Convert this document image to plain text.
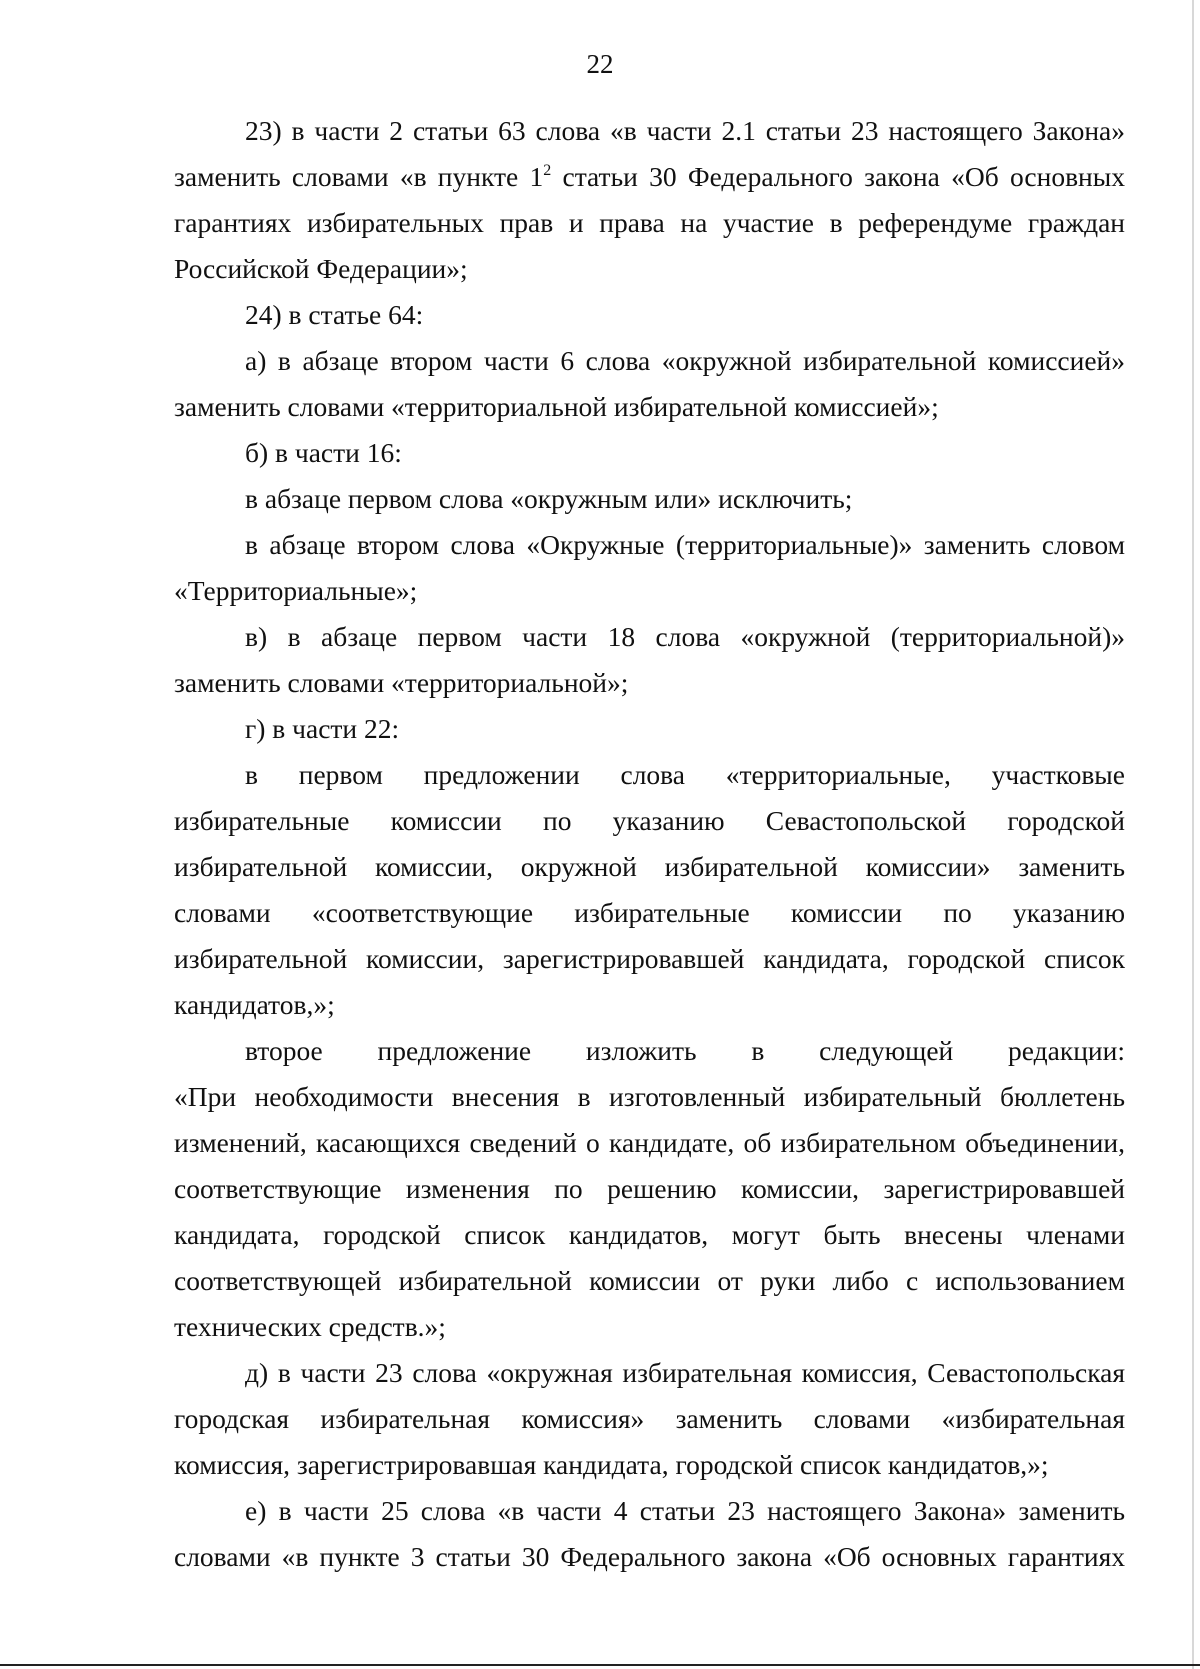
22
23) в части 2 статьи 63 слова «в части 2.1 статьи 23 настоящего Закона»
заменить словами «в пункте $1^2$ статьи 30 Федерального закона «Об основных
гарантиях избирательных прав и права на участие в референдуме граждан
Российской Федерации»;
24) в статье 64:
а) в абзаце втором части 6 слова «окружной избирательной комиссией»
заменить словами «территориальной избирательной комиссией»;
б) в части 16:
в абзаце первом слова «окружным или» исключить;
в абзаце втором слова «Окружные (территориальные)» заменить словом
«Территориальные»;
в) в абзаце первом части 18 слова «окружной (территориальной)»
заменить словами «территориальной»;
г) в части 22:
в первом предложении слова «территориальные, участковые
избирательные комиссии по указанию Севастопольской городской
избирательной комиссии, окружной избирательной комиссии» заменить
словами «соответствующие избирательные комиссии по указанию
избирательной комиссии, зарегистрировавшей кандидата, городской список
кандидатов,»;
второе предложение изложить в следующей редакции:
«При необходимости внесения в изготовленный избирательный бюллетень
изменений, касающихся сведений о кандидате, об избирательном объединении,
соответствующие изменения по решению комиссии, зарегистрировавшей
кандидата, городской список кандидатов, могут быть внесены членами
соответствующей избирательной комиссии от руки либо с использованием
технических средств.»;
д) в части 23 слова «окружная избирательная комиссия, Севастопольская
городская избирательная комиссия» заменить словами «избирательная
комиссия, зарегистрировавшая кандидата, городской список кандидатов,»;
е) в части 25 слова «в части 4 статьи 23 настоящего Закона» заменить
словами «в пункте 3 статьи 30 Федерального закона «Об основных гарантиях
